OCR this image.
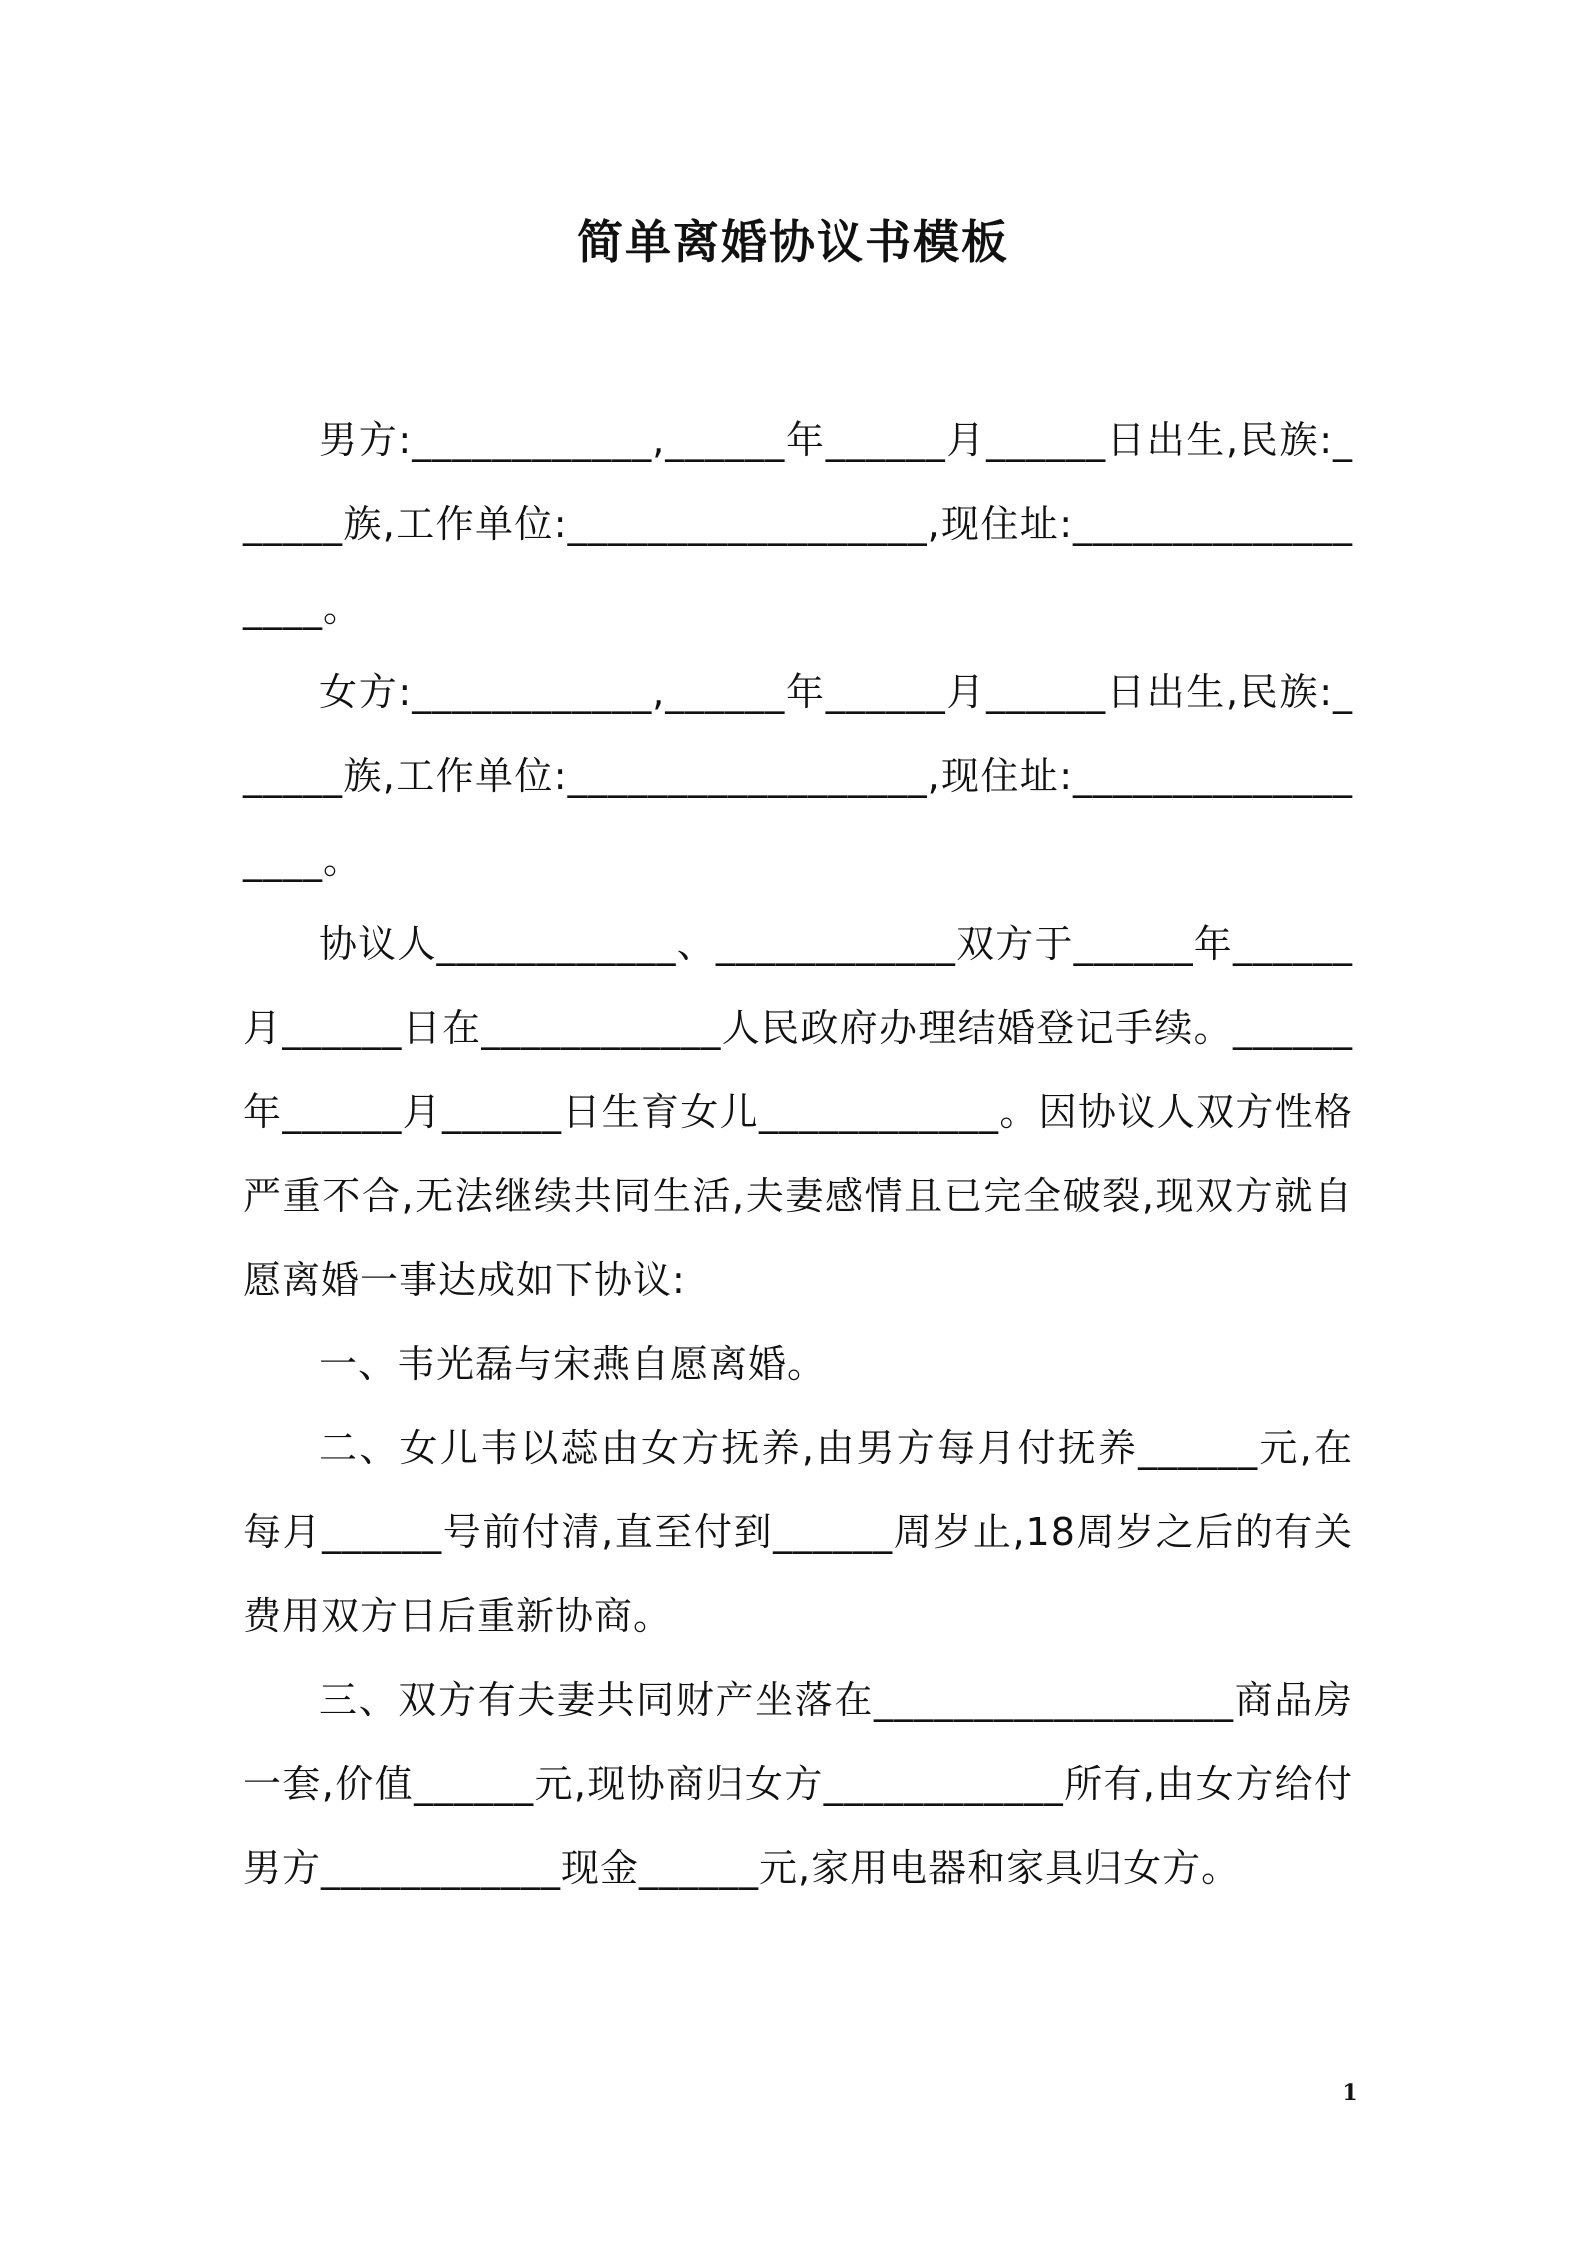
简单离婚协议书模板

男方:____________,______年______月______日出生,民族:______族,工作单位:__________________,现住址:__________________。

女方:____________,______年______月______日出生,民族:______族,工作单位:__________________,现住址:__________________。

协议人____________、____________双方于______年______月______日在____________人民政府办理结婚登记手续。______年______月______日生育女儿____________。因协议人双方性格严重不合,无法继续共同生活,夫妻感情且已完全破裂,现双方就自愿离婚一事达成如下协议:

一、韦光磊与宋燕自愿离婚。

二、女儿韦以蕊由女方抚养,由男方每月付抚养______元,在每月______号前付清,直至付到______周岁止,18周岁之后的有关费用双方日后重新协商。

三、双方有夫妻共同财产坐落在__________________商品房一套,价值______元,现协商归女方____________所有,由女方给付男方____________现金______元,家用电器和家具归女方。

1
